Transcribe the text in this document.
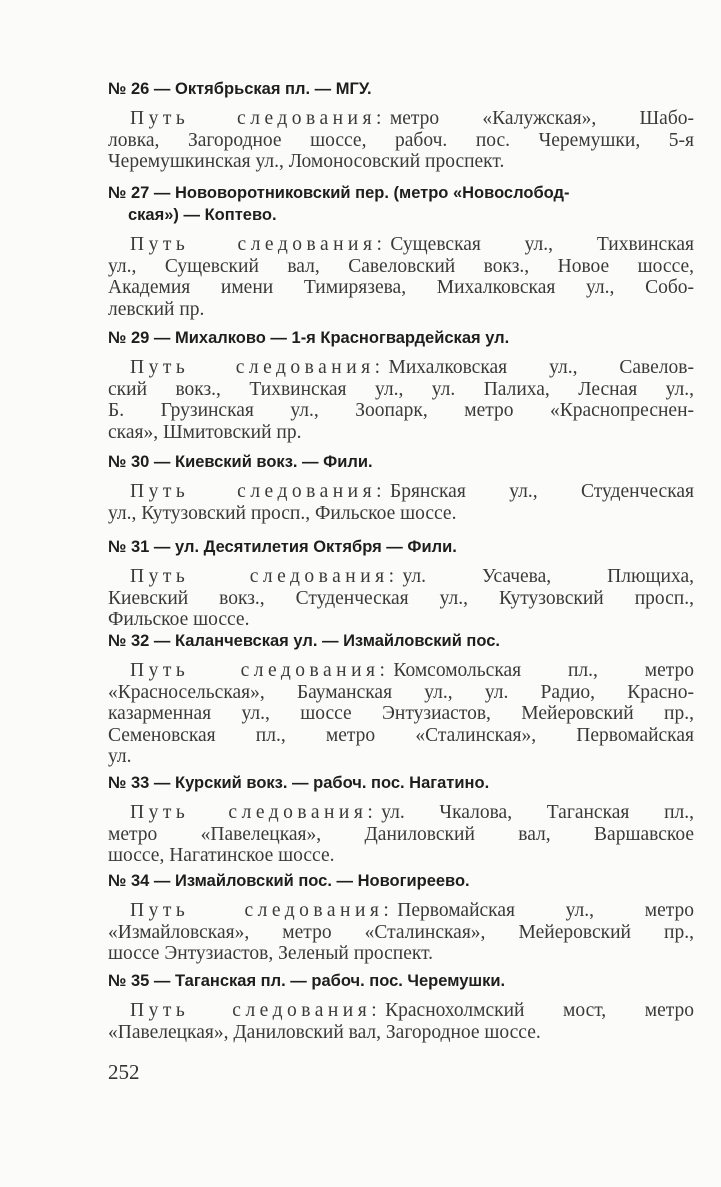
№ 26 — Октябрьская пл. — МГУ.
Путь следования: метро «Калужская», Шабо-
ловка, Загородное шоссе, рабоч. пос. Черемушки, 5-я
Черемушкинская ул., Ломоносовский проспект.
№ 27 — Нововоротниковский пер. (метро «Новослобод-
ская») — Коптево.
Путь следования: Сущевская ул., Тихвинская
ул., Сущевский вал, Савеловский вокз., Новое шоссе,
Академия имени Тимирязева, Михалковская ул., Собо-
левский пр.
№ 29 — Михалково — 1-я Красногвардейская ул.
Путь следования: Михалковская ул., Савелов-
ский вокз., Тихвинская ул., ул. Палиха, Лесная ул.,
Б. Грузинская ул., Зоопарк, метро «Краснопреснен-
ская», Шмитовский пр.
№ 30 — Киевский вокз. — Фили.
Путь следования: Брянская ул., Студенческая
ул., Кутузовский просп., Фильское шоссе.
№ 31 — ул. Десятилетия Октября — Фили.
Путь следования: ул. Усачева, Плющиха,
Киевский вокз., Студенческая ул., Кутузовский просп.,
Фильское шоссе.
№ 32 — Каланчевская ул. — Измайловский пос.
Путь следования: Комсомольская пл., метро
«Красносельская», Бауманская ул., ул. Радио, Красно-
казарменная ул., шоссе Энтузиастов, Мейеровский пр.,
Семеновская пл., метро «Сталинская», Первомайская
ул.
№ 33 — Курский вокз. — рабоч. пос. Нагатино.
Путь следования: ул. Чкалова, Таганская пл.,
метро «Павелецкая», Даниловский вал, Варшавское
шоссе, Нагатинское шоссе.
№ 34 — Измайловский пос. — Новогиреево.
Путь следования: Первомайская ул., метро
«Измайловская», метро «Сталинская», Мейеровский пр.,
шоссе Энтузиастов, Зеленый проспект.
№ 35 — Таганская пл. — рабоч. пос. Черемушки.
Путь следования: Краснохолмский мост, метро
«Павелецкая», Даниловский вал, Загородное шоссе.
252
